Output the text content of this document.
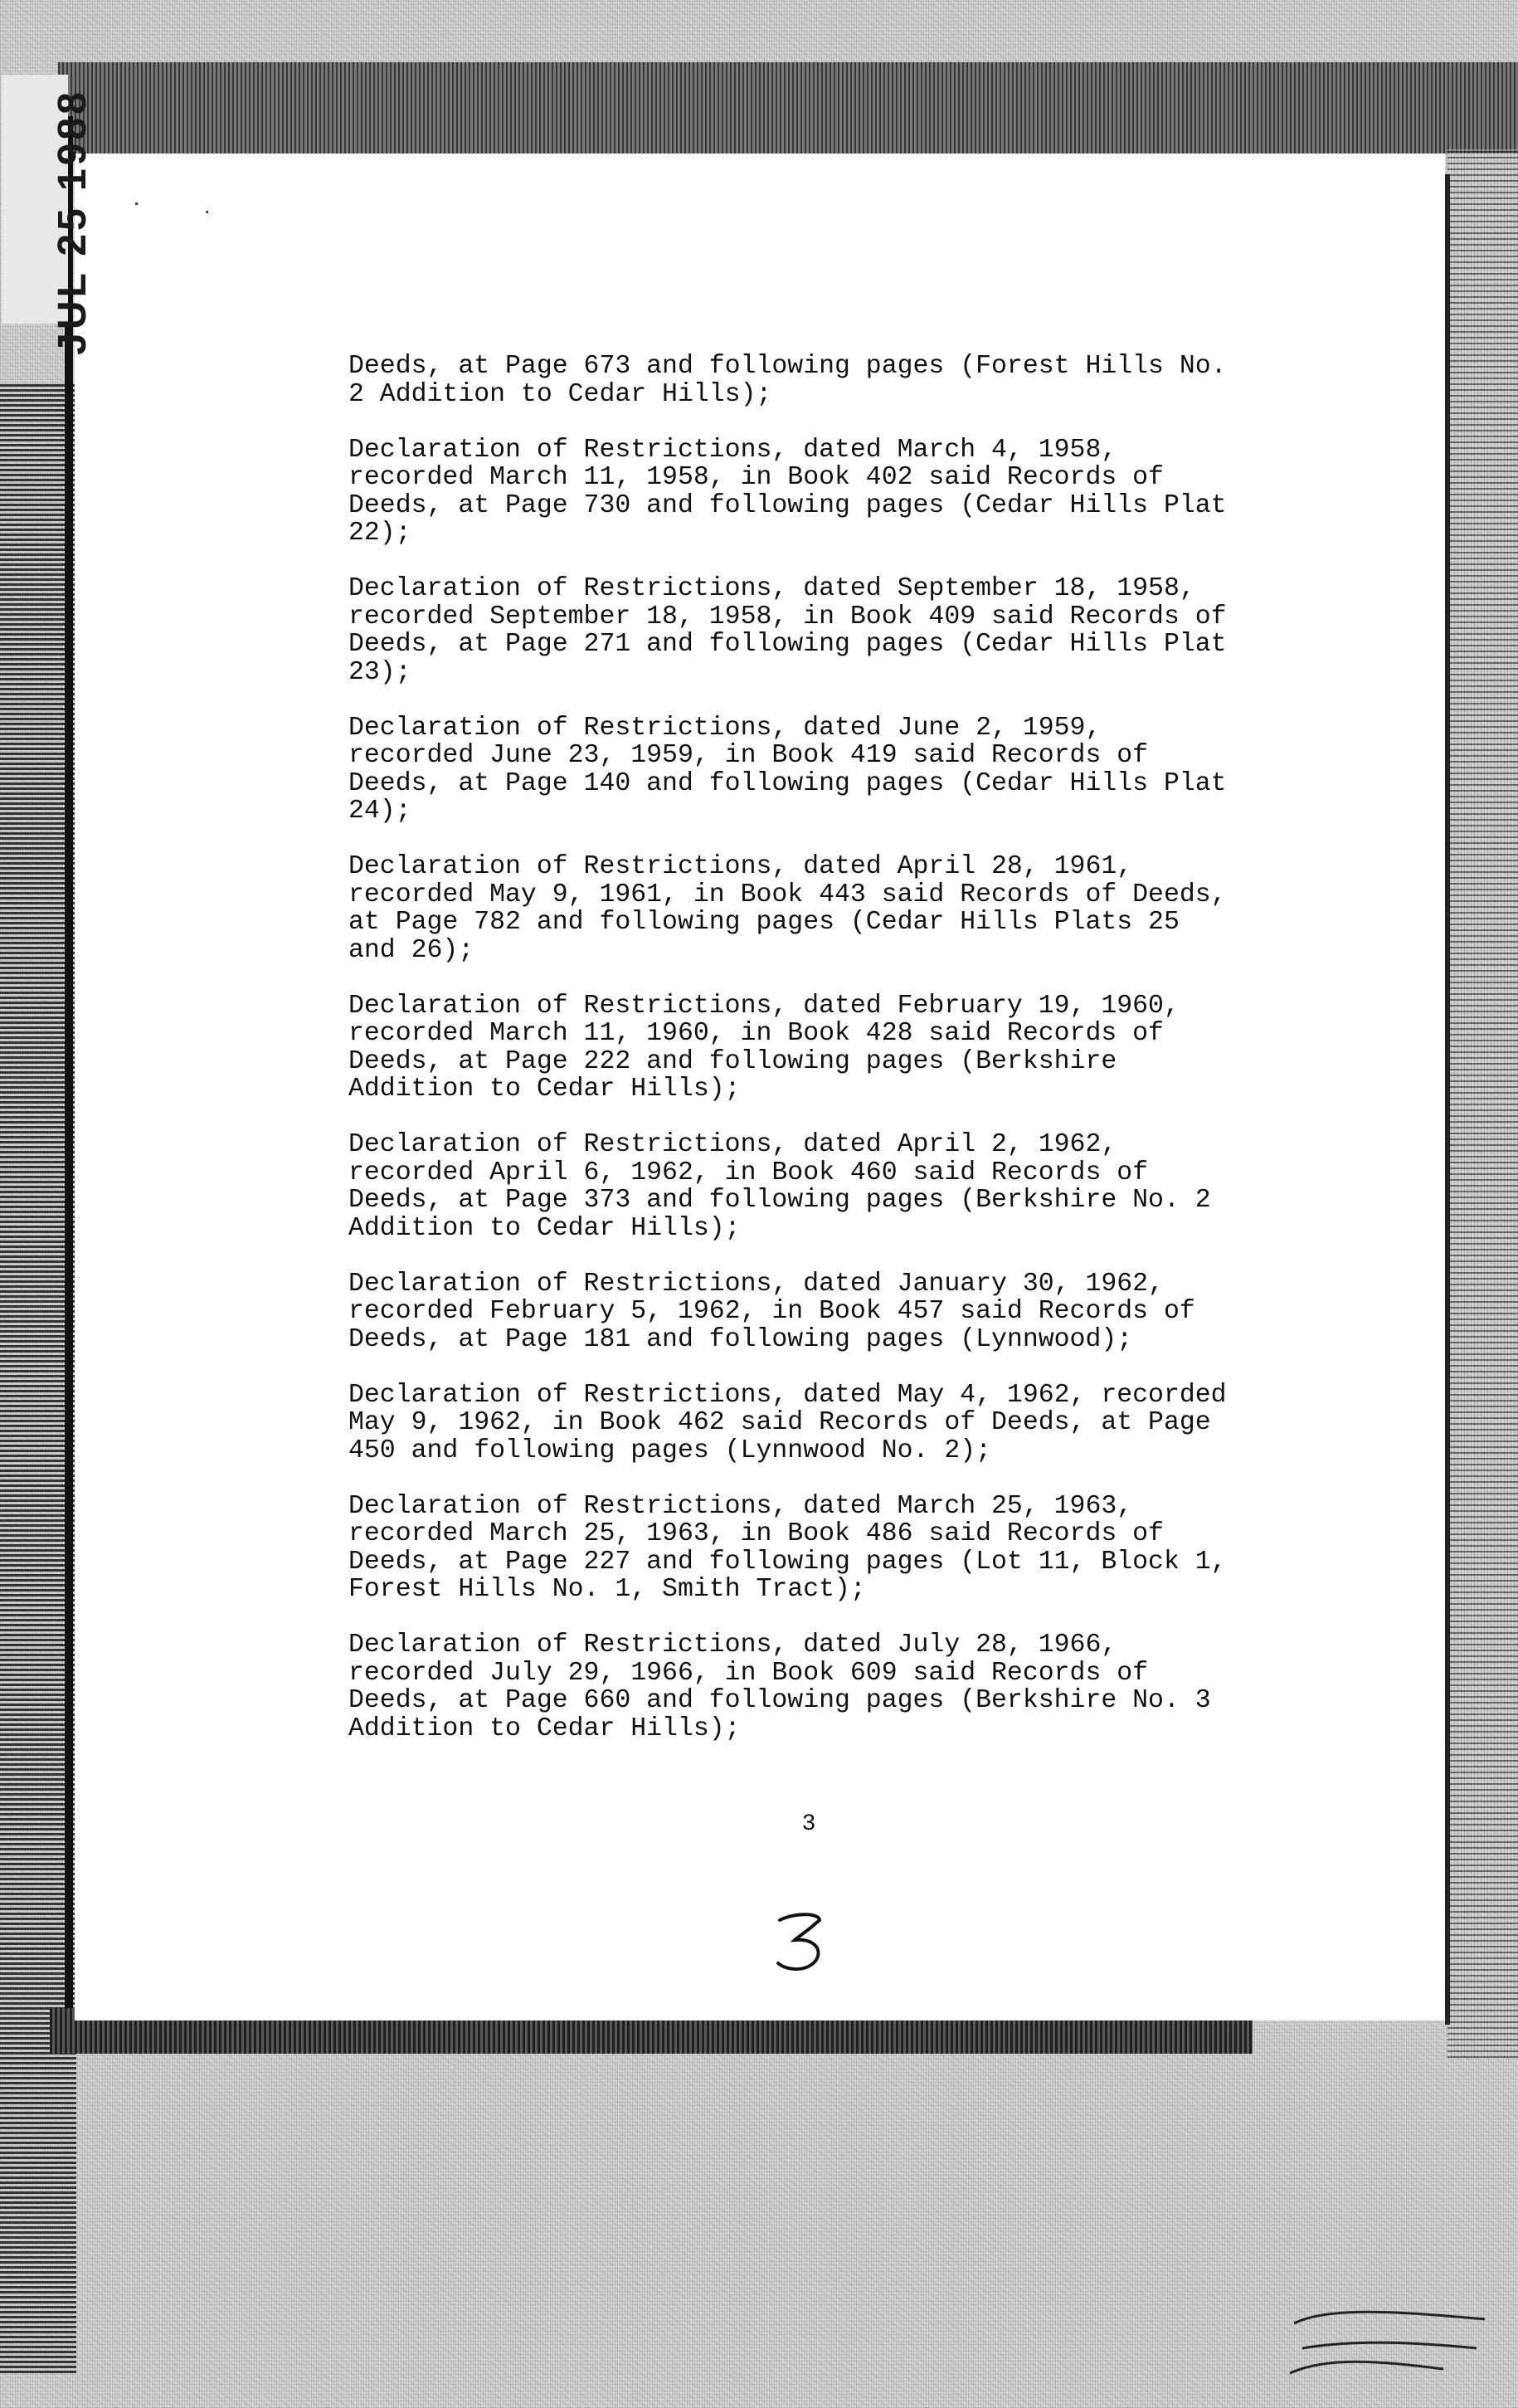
JUL 25 1988 ·	·

Deeds, at Page 673 and following pages (Forest Hills No.
2 Addition to Cedar Hills);

Declaration of Restrictions, dated March 4, 1958,
recorded March 11, 1958, in Book 402 said Records of
Deeds, at Page 730 and following pages (Cedar Hills Plat
22);

Declaration of Restrictions, dated September 18, 1958,
recorded September 18, 1958, in Book 409 said Records of
Deeds, at Page 271 and following pages (Cedar Hills Plat
23);

Declaration of Restrictions, dated June 2, 1959,
recorded June 23, 1959, in Book 419 said Records of
Deeds, at Page 140 and following pages (Cedar Hills Plat
24);

Declaration of Restrictions, dated April 28, 1961,
recorded May 9, 1961, in Book 443 said Records of Deeds,
at Page 782 and following pages (Cedar Hills Plats 25
and 26);

Declaration of Restrictions, dated February 19, 1960,
recorded March 11, 1960, in Book 428 said Records of
Deeds, at Page 222 and following pages (Berkshire
Addition to Cedar Hills);

Declaration of Restrictions, dated April 2, 1962,
recorded April 6, 1962, in Book 460 said Records of
Deeds, at Page 373 and following pages (Berkshire No. 2
Addition to Cedar Hills);

Declaration of Restrictions, dated January 30, 1962,
recorded February 5, 1962, in Book 457 said Records of
Deeds, at Page 181 and following pages (Lynnwood);

Declaration of Restrictions, dated May 4, 1962, recorded
May 9, 1962, in Book 462 said Records of Deeds, at Page
450 and following pages (Lynnwood No. 2);

Declaration of Restrictions, dated March 25, 1963,
recorded March 25, 1963, in Book 486 said Records of
Deeds, at Page 227 and following pages (Lot 11, Block 1,
Forest Hills No. 1, Smith Tract);

Declaration of Restrictions, dated July 28, 1966,
recorded July 29, 1966, in Book 609 said Records of
Deeds, at Page 660 and following pages (Berkshire No. 3
Addition to Cedar Hills);

3
